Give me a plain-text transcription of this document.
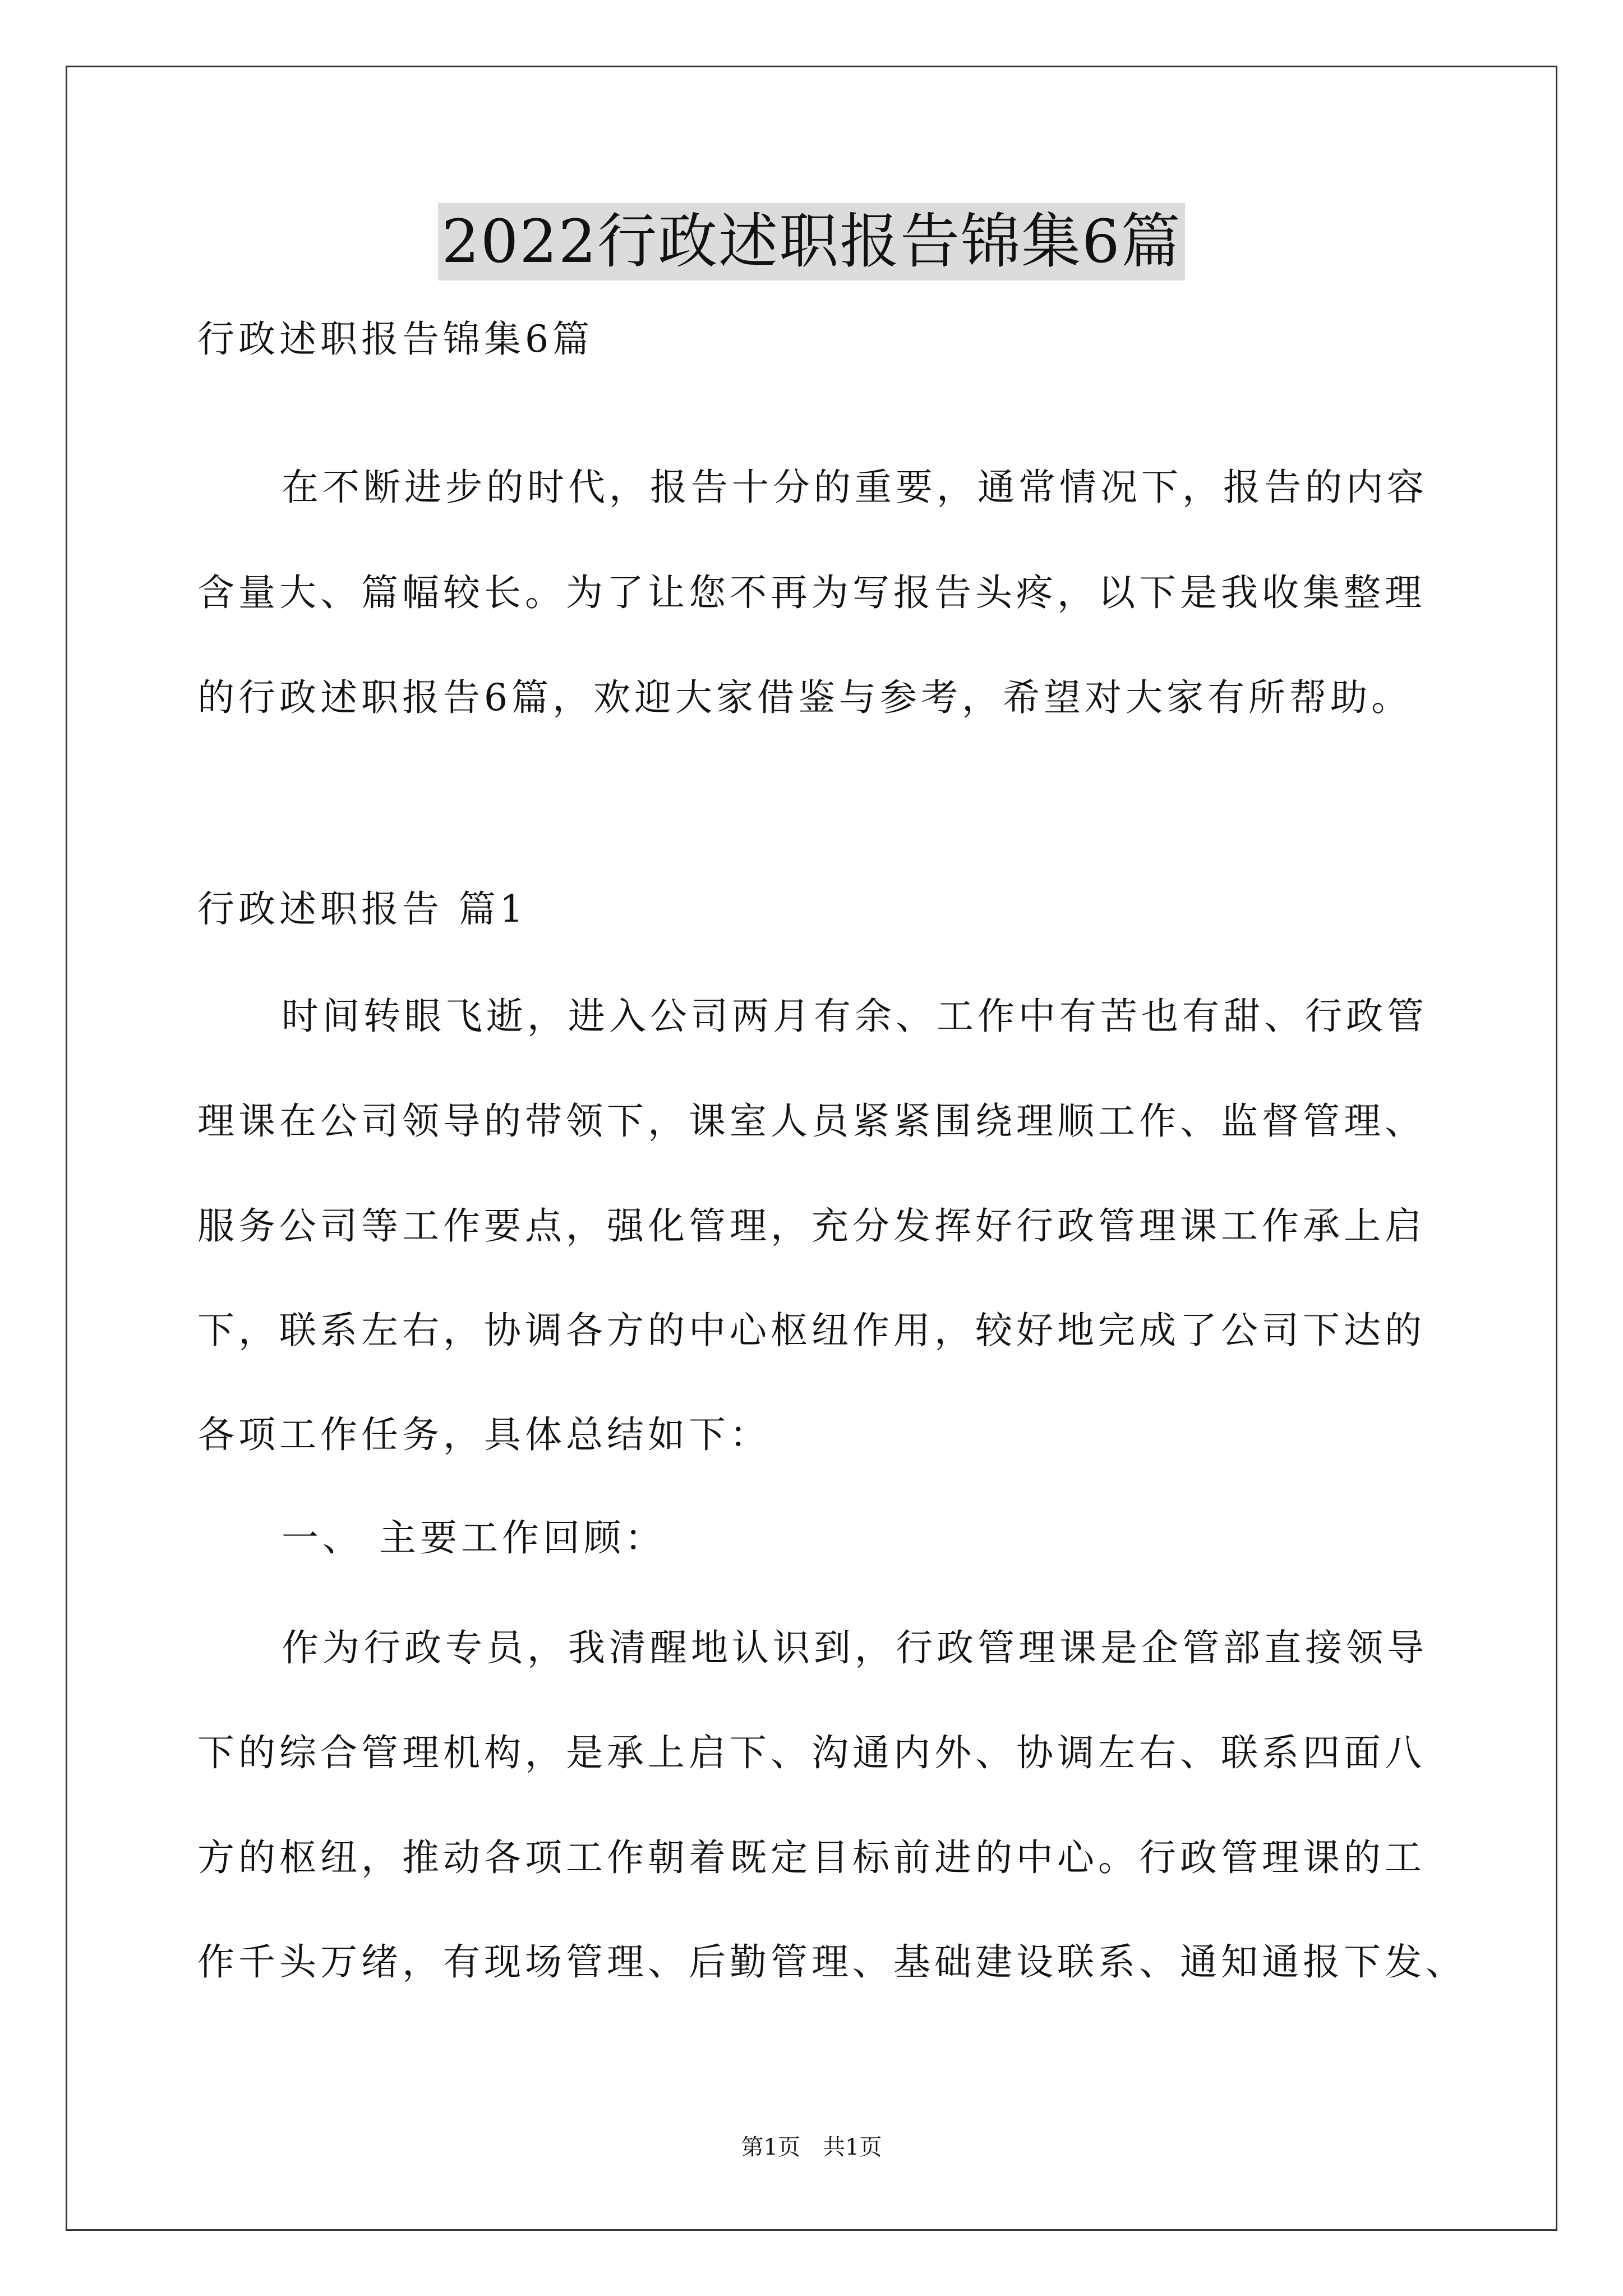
2022行政述职报告锦集6篇
行政述职报告锦集6篇
在不断进步的时代，报告十分的重要，通常情况下，报告的内容
含量大、篇幅较长。为了让您不再为写报告头疼，以下是我收集整理
的行政述职报告6篇，欢迎大家借鉴与参考，希望对大家有所帮助。
行政述职报告 篇1
时间转眼飞逝，进入公司两月有余、工作中有苦也有甜、行政管
理课在公司领导的带领下，课室人员紧紧围绕理顺工作、监督管理、
服务公司等工作要点，强化管理，充分发挥好行政管理课工作承上启
下，联系左右，协调各方的中心枢纽作用，较好地完成了公司下达的
各项工作任务，具体总结如下：
一、 主要工作回顾：
作为行政专员，我清醒地认识到，行政管理课是企管部直接领导
下的综合管理机构，是承上启下、沟通内外、协调左右、联系四面八
方的枢纽，推动各项工作朝着既定目标前进的中心。行政管理课的工
作千头万绪，有现场管理、后勤管理、基础建设联系、通知通报下发、
第1页　共1页
